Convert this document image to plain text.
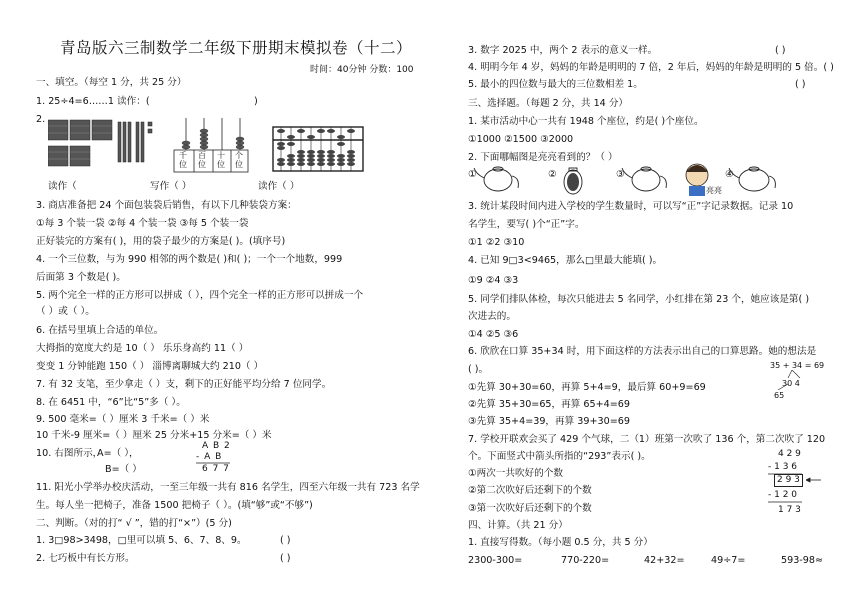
青岛版六三制数学二年级下册期末模拟卷（十二）
时间：40分钟 分数：100
一、填空。（每空 1 分，共 25 分）
1. 25÷4=6……1 读作：(
2.
读作（
3. 商店准备把 24 个面包装袋后销售，有以下几种装袋方案：
①每 3 个装一袋 ②每 4 个装一袋 ③每 5 个装一袋
正好装完的方案有( )，用的袋子最少的方案是( )。(填序号)
4. 一个三位数，与为 990 相邻的两个数是( )和( )；一个一个地数，999
后面第 3 个数是( )。
5. 两个完全一样的正方形可以拼成（ ），四个完全一样的正方形可以拼成一个
（ ）或（ ）。
6. 在括号里填上合适的单位。
大拇指的宽度大约是 10（ ） 乐乐身高约 11（ ）
变变 1 分钟能跑 150（ ） 淄博离聊城大约 210（ ）
7. 有 32 支笔，至少拿走（ ）支，剩下的正好能平均分给 7 位同学。
8. 在 6451 中，“6”比“5”多（ ）。
9. 500 毫米=（ ）厘米 3 千米=（ ）米
10 千米-9 厘米=（ ）厘米 25 分米+15 分米=（ ）米
10. 右图所示，
A=（ ），
B=（ ）
11. 阳光小学举办校庆活动，一至三年级一共有 816 名学生，四至六年级一共有 723 名学
生。每人坐一把椅子，准备 1500 把椅子（ ）。(填“够”或“不够”)
二、判断。（对的打“ √ ”，错的打“×”）(5 分)
1. 3□98>3498，□里可以填 5、6、7、8、9。
2. 七巧板中有长方形。
3. 数字 2025 中，两个 2 表示的意义一样。
4. 明明今年 4 岁，妈妈的年龄是明明的 7 倍，2 年后，妈妈的年龄是明明的 5 倍。( )
5. 最小的四位数与最大的三位数相差 1。
三、选择题。（每题 2 分，共 14 分）
1. 某市活动中心一共有 1948 个座位，约是( )个座位。
①1000 ②1500 ③2000
2. 下面哪幅图是亮亮看到的？（ ）
3. 统计某段时间内进入学校的学生数量时，可以写“正”字记录数据。记录 10
名学生，要写( )个“正”字。
①1 ②2 ③10
4. 已知 9□3<9465，那么□里最大能填( )。
①9 ②4 ③3
5. 同学们排队体检，每次只能进去 5 名同学，小红排在第 23 个，她应该是第( )
次进去的。
①4 ②5 ③6
6. 欣欣在口算 35+34 时，用下面这样的方法表示出自己的口算思路。她的想法是
( )。
①先算 30+30=60，再算 5+4=9，最后算 60+9=69
②先算 35+30=65，再算 65+4=69
③先算 35+4=39，再算 39+30=69
7. 学校开联欢会买了 429 个气球，二（1）班第一次吹了 136 个，第二次吹了 120
个。下面竖式中箭头所指的“293”表示( )。
①两次一共吹好的个数
②第二次吹好后还剩下的个数
③第一次吹好后还剩下的个数
四、计算。（共 21 分）
1. 直接写得数。（每小题 0.5 分，共 5 分）
)
( )
( )
( )
( )
千位
百位
十位
个位
写作（ ）	读作（ ）
A B 2
- A B
6 7 7
①	②	③	④
亮亮
35 + 34 = 69
30 4
65
4 2 9
- 1 3 6
2 9 3
- 1 2 0
1 7 3
2300-300=	770-220=	42+32=	49÷7=	593-98≈
